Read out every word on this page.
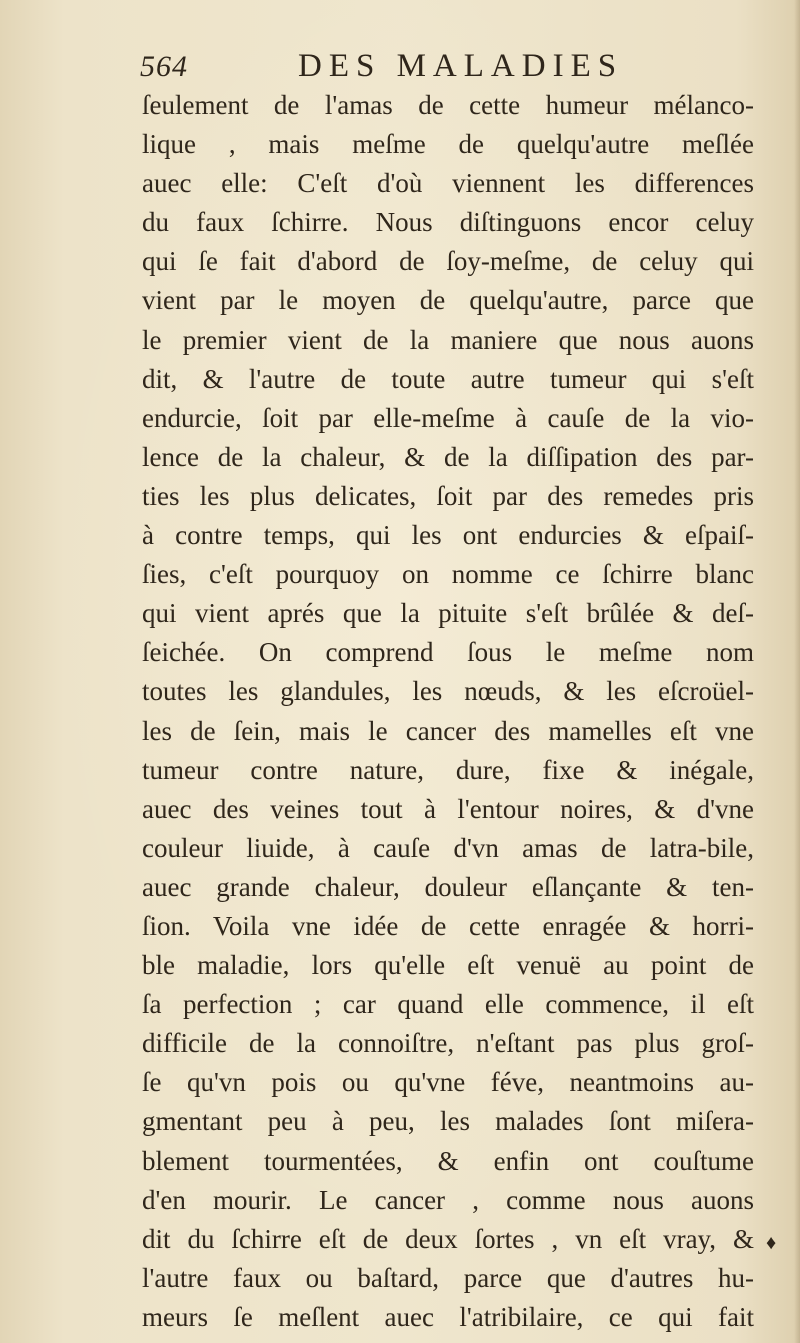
564	DES MALADIES
ſeulement de l'amas de cette humeur mélanco-
lique , mais meſme de quelqu'autre meſlée
auec elle: C'eſt d'où viennent les differences
du faux ſchirre. Nous diſtinguons encor celuy
qui ſe fait d'abord de ſoy-meſme, de celuy qui
vient par le moyen de quelqu'autre, parce que
le premier vient de la maniere que nous auons
dit, & l'autre de toute autre tumeur qui s'eſt
endurcie, ſoit par elle-meſme à cauſe de la vio-
lence de la chaleur, & de la diſſipation des par-
ties les plus delicates, ſoit par des remedes pris
à contre temps, qui les ont endurcies & eſpaiſ-
ſies, c'eſt pourquoy on nomme ce ſchirre blanc
qui vient aprés que la pituite s'eſt brûlée & deſ-
ſeichée. On comprend ſous le meſme nom
toutes les glandules, les nœuds, & les eſcroüel-
les de ſein, mais le cancer des mamelles eſt vne
tumeur contre nature, dure, fixe & inégale,
auec des veines tout à l'entour noires, & d'vne
couleur liuide, à cauſe d'vn amas de latra-bile,
auec grande chaleur, douleur eſlançante & ten-
ſion. Voila vne idée de cette enragée & horri-
ble maladie, lors qu'elle eſt venuë au point de
ſa perfection ; car quand elle commence, il eſt
difficile de la connoiſtre, n'eſtant pas plus groſ-
ſe qu'vn pois ou qu'vne féve, neantmoins au-
gmentant peu à peu, les malades ſont miſera-
blement tourmentées, & enfin ont couſtume
d'en mourir. Le cancer , comme nous auons
dit du ſchirre eſt de deux ſortes , vn eſt vray, &
l'autre faux ou baſtard, parce que d'autres hu-
meurs ſe meſlent auec l'atribilaire, ce qui fait
♦
